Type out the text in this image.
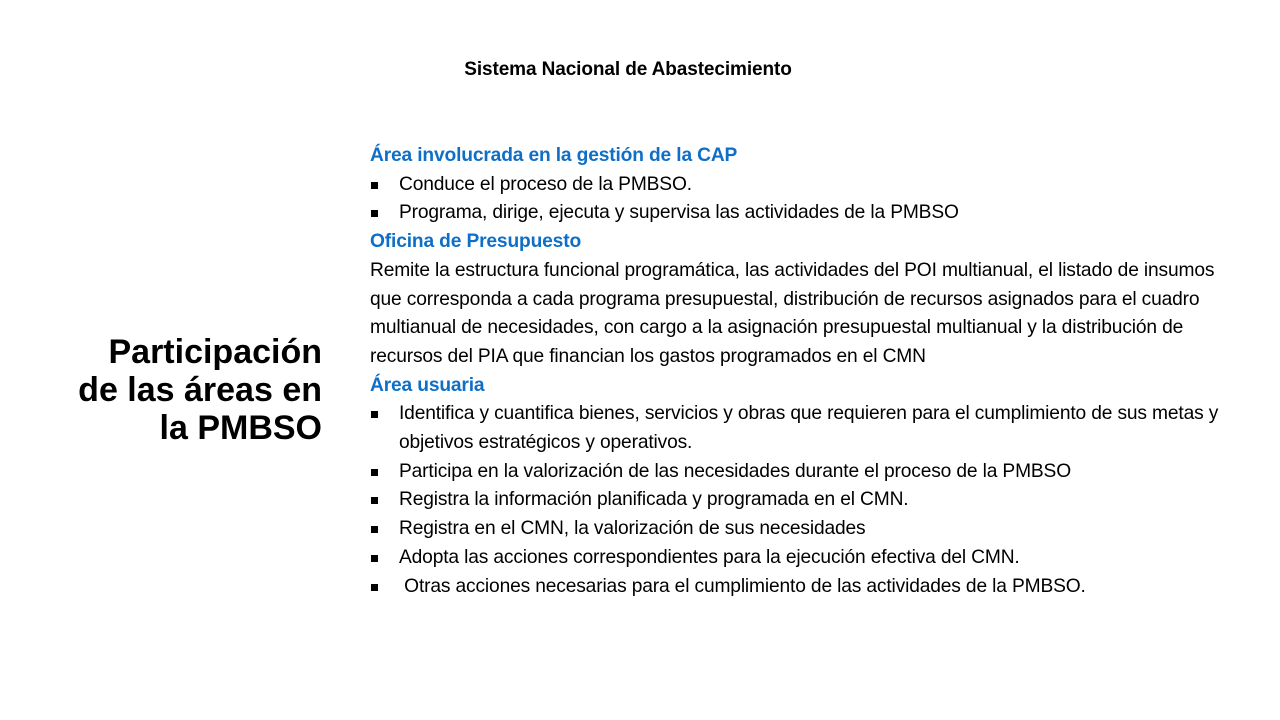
Sistema Nacional de Abastecimiento
Participación
de las áreas en
la PMBSO
Área involucrada en la gestión de la CAP
Conduce el proceso de la PMBSO.
Programa, dirige, ejecuta y supervisa las actividades de la PMBSO
Oficina de Presupuesto

Remite la estructura funcional programática, las actividades del POI multianual, el listado de insumos que corresponda a cada programa presupuestal, distribución de recursos asignados para el cuadro multianual de necesidades, con cargo a la asignación presupuestal multianual y la distribución de recursos del PIA que financian los gastos programados en el CMN

Área usuaria
Identifica y cuantifica bienes, servicios y obras que requieren para el cumplimiento de sus metas y objetivos estratégicos y operativos.
Participa en la valorización de las necesidades durante el proceso de la PMBSO
Registra la información planificada y programada en el CMN.
Registra en el CMN, la valorización de sus necesidades
Adopta las acciones correspondientes para la ejecución efectiva del CMN.
Otras acciones necesarias para el cumplimiento de las actividades de la PMBSO.
